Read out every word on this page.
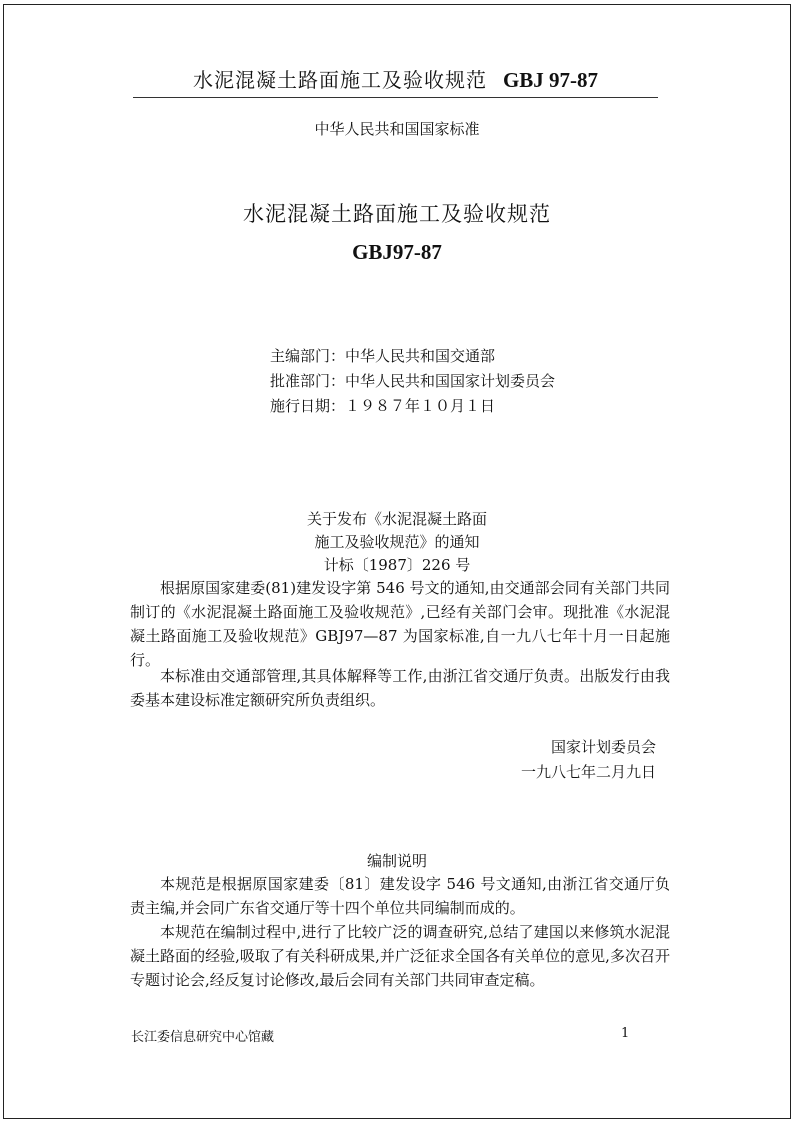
水泥混凝土路面施工及验收规范 GBJ 97-87
中华人民共和国国家标准
水泥混凝土路面施工及验收规范
GBJ97-87
主编部门：中华人民共和国交通部
批准部门：中华人民共和国国家计划委员会
施行日期：１９８７年１０月１日
关于发布《水泥混凝土路面
施工及验收规范》的通知
计标〔1987〕226 号

根据原国家建委(81)建发设字第 546 号文的通知,由交通部会同有关部门共同制订的《水泥混凝土路面施工及验收规范》,已经有关部门会审。现批准《水泥混凝土路面施工及验收规范》GBJ97—87 为国家标准,自一九八七年十月一日起施行。

本标准由交通部管理,其具体解释等工作,由浙江省交通厅负责。出版发行由我委基本建设标准定额研究所负责组织。

国家计划委员会
一九八七年二月九日
编制说明

本规范是根据原国家建委〔81〕建发设字 546 号文通知,由浙江省交通厅负责主编,并会同广东省交通厅等十四个单位共同编制而成的。

本规范在编制过程中,进行了比较广泛的调查研究,总结了建国以来修筑水泥混凝土路面的经验,吸取了有关科研成果,并广泛征求全国各有关单位的意见,多次召开专题讨论会,经反复讨论修改,最后会同有关部门共同审查定稿。

长江委信息研究中心馆藏	1
